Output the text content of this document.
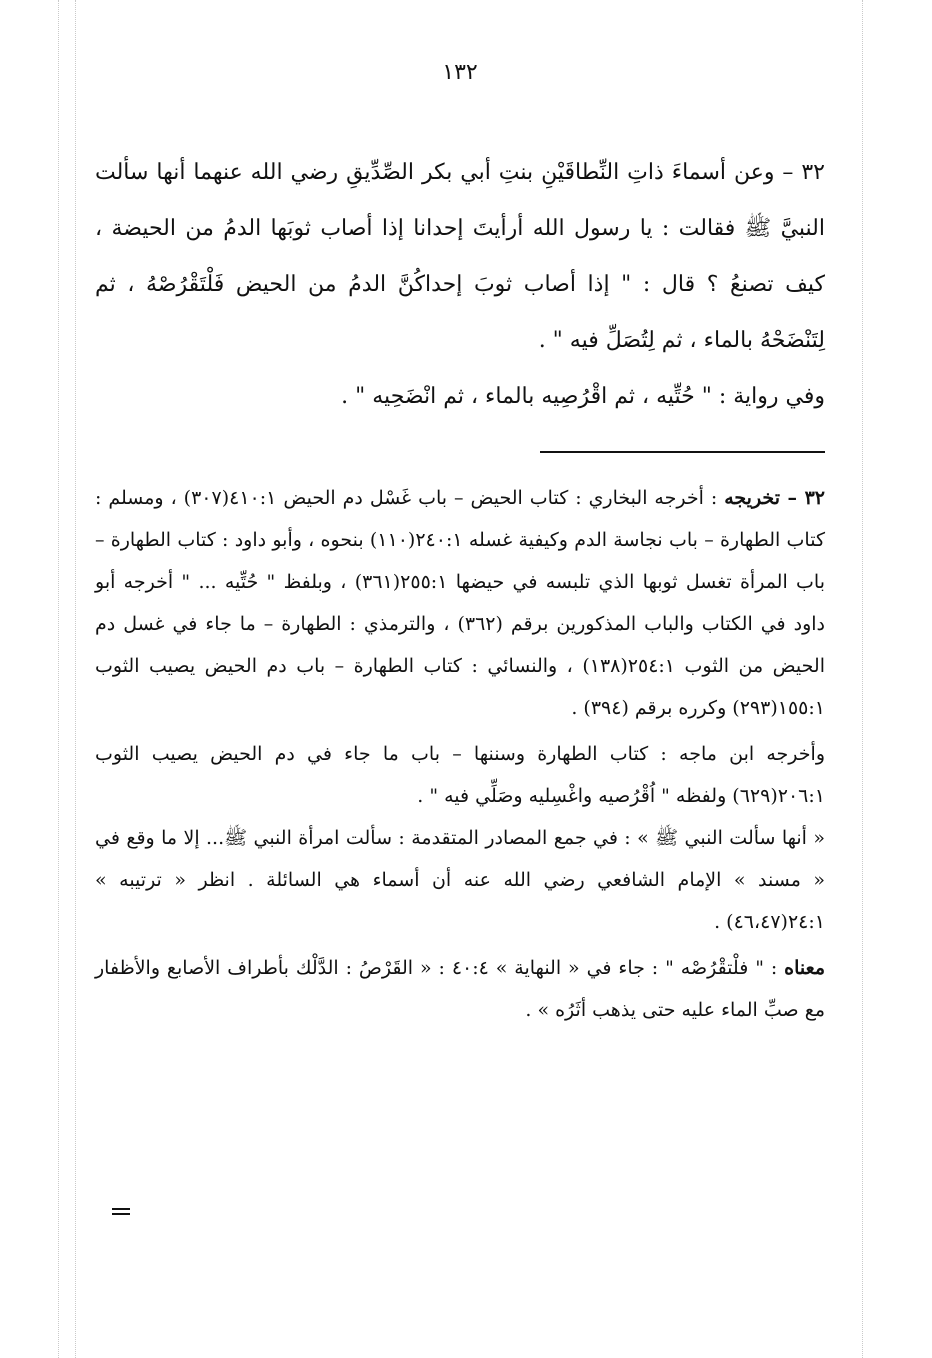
١٣٢

٣٢ – وعن أسماءَ ذاتِ النِّطاقَيْنِ بنتِ أبي بكر الصِّدِّيقِ رضي الله عنهما أنها سألت النبيَّ ﷺ فقالت : يا رسول الله أرأيتَ إحدانا إذا أصاب ثوبَها الدمُ من الحيضة ، كيف تصنعُ ؟ قال : " إذا أصاب ثوبَ إحداكُنَّ الدمُ من الحيض فَلْتَقْرُصْهُ ، ثم لِتَنْضَحْهُ بالماء ، ثم لِتُصَلِّ فيه " .

وفي رواية : " حُتِّيه ، ثم اقْرُصِيه بالماء ، ثم انْضَحِيه " .

٣٢ – تخريجه : أخرجه البخاري : كتاب الحيض – باب غَسْل دم الحيض ٤١٠:١(٣٠٧) ، ومسلم : كتاب الطهارة – باب نجاسة الدم وكيفية غسله ٢٤٠:١(١١٠) بنحوه ، وأبو داود : كتاب الطهارة – باب المرأة تغسل ثوبها الذي تلبسه في حيضها ٢٥٥:١(٣٦١) ، وبلفظ " حُتِّيه ... " أخرجه أبو داود في الكتاب والباب المذكورين برقم (٣٦٢) ، والترمذي : الطهارة – ما جاء في غسل دم الحيض من الثوب ٢٥٤:١(١٣٨) ، والنسائي : كتاب الطهارة – باب دم الحيض يصيب الثوب ١٥٥:١(٢٩٣) وكرره برقم (٣٩٤) .

وأخرجه ابن ماجه : كتاب الطهارة وسننها – باب ما جاء في دم الحيض يصيب الثوب ٢٠٦:١(٦٢٩) ولفظه " اُقْرُصيه واغْسِليه وصَلِّي فيه " .

« أنها سألت النبي ﷺ » : في جمع المصادر المتقدمة : سألت امرأة النبي ﷺ... إلا ما وقع في « مسند » الإمام الشافعي رضي الله عنه أن أسماء هي السائلة . انظر « ترتيبه » ٢٤:١(٤٦،٤٧) .

معناه : " فلْتقْرُصْه " : جاء في « النهاية » ٤٠:٤ : « القَرْصُ : الدَّلْك بأطراف الأصابع والأظفار مع صبِّ الماء عليه حتى يذهب أثَرُه » .
